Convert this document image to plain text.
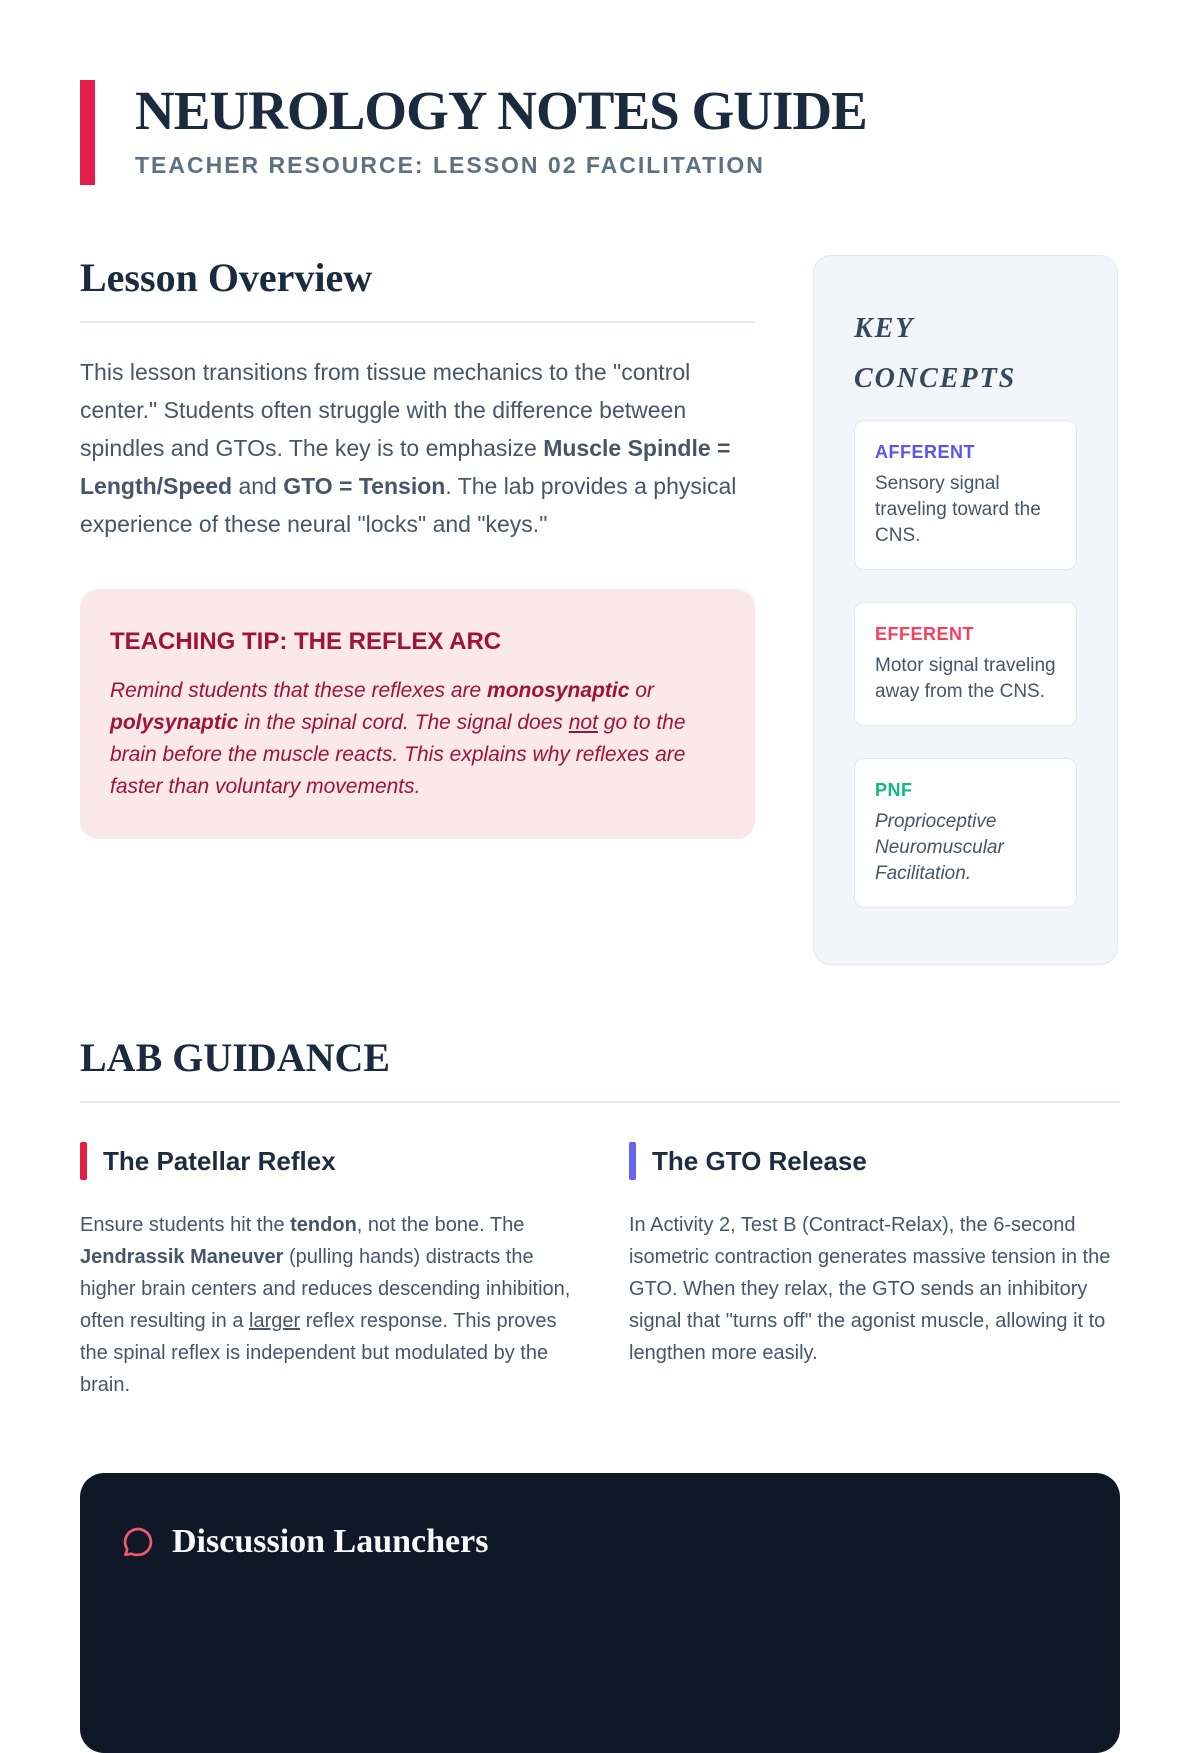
NEUROLOGY NOTES GUIDE
TEACHER RESOURCE: LESSON 02 FACILITATION
Lesson Overview

This lesson transitions from tissue mechanics to the "control center." Students often struggle with the difference between spindles and GTOs. The key is to emphasize Muscle Spindle = Length/Speed and GTO = Tension. The lab provides a physical experience of these neural "locks" and "keys."

TEACHING TIP: THE REFLEX ARC

Remind students that these reflexes are monosynaptic or polysynaptic in the spinal cord. The signal does not go to the brain before the muscle reacts. This explains why reflexes are faster than voluntary movements.

KEY CONCEPTS
AFFERENT
Sensory signal traveling toward the CNS.
EFFERENT
Motor signal traveling away from the CNS.
PNF
Proprioceptive Neuromuscular Facilitation.
LAB GUIDANCE
The Patellar Reflex

Ensure students hit the tendon, not the bone. The Jendrassik Maneuver (pulling hands) distracts the higher brain centers and reduces descending inhibition, often resulting in a larger reflex response. This proves the spinal reflex is independent but modulated by the brain.

The GTO Release

In Activity 2, Test B (Contract-Relax), the 6-second isometric contraction generates massive tension in the GTO. When they relax, the GTO sends an inhibitory signal that "turns off" the agonist muscle, allowing it to lengthen more easily.

Discussion Launchers
